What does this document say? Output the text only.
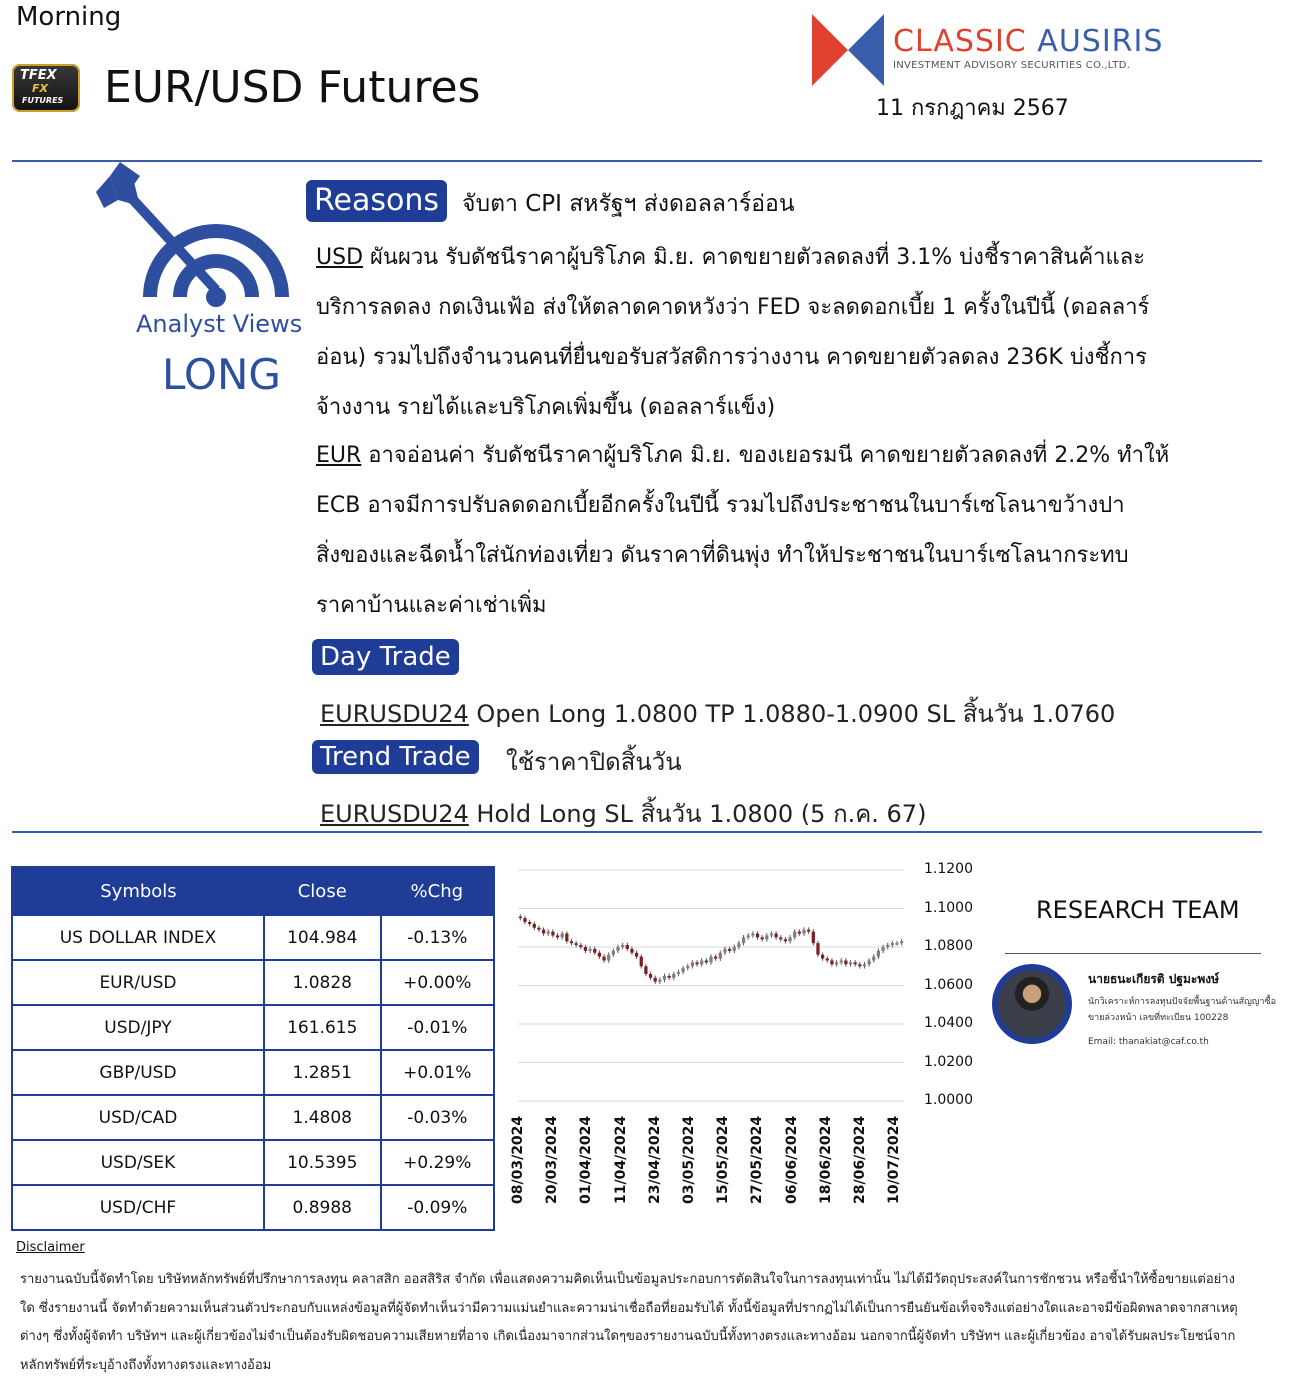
Morning
TFEX
FX
FUTURES EUR/USD Futures
CLASSIC AUSIRIS
INVESTMENT ADVISORY SECURITIES CO.,LTD.
11 กรกฎาคม 2567
Analyst Views
LONG
Reasons	จับตา CPI สหรัฐฯ ส่งดอลลาร์อ่อน
USD ผันผวน รับดัชนีราคาผู้บริโภค มิ.ย. คาดขยายตัวลดลงที่ 3.1% บ่งชี้ราคาสินค้าและบริการลดลง กดเงินเฟ้อ ส่งให้ตลาดคาดหวังว่า FED จะลดดอกเบี้ย 1 ครั้งในปีนี้ (ดอลลาร์อ่อน) รวมไปถึงจำนวนคนที่ยื่นขอรับสวัสดิการว่างงาน คาดขยายตัวลดลง 236K บ่งชี้การจ้างงาน รายได้และบริโภคเพิ่มขึ้น (ดอลลาร์แข็ง)
EUR อาจอ่อนค่า รับดัชนีราคาผู้บริโภค มิ.ย. ของเยอรมนี คาดขยายตัวลดลงที่ 2.2% ทำให้ ECB อาจมีการปรับลดดอกเบี้ยอีกครั้งในปีนี้ รวมไปถึงประชาชนในบาร์เซโลนาขว้างปาสิ่งของและฉีดน้ำใส่นักท่องเที่ยว ดันราคาที่ดินพุ่ง ทำให้ประชาชนในบาร์เซโลนากระทบราคาบ้านและค่าเช่าเพิ่ม
Day Trade
EURUSDU24 Open Long 1.0800 TP 1.0880-1.0900 SL สิ้นวัน 1.0760
Trend Trade	ใช้ราคาปิดสิ้นวัน
EURUSDU24 Hold Long SL สิ้นวัน 1.0800 (5 ก.ค. 67)
Symbols	Close	%Chg
US DOLLAR INDEX	104.984	-0.13%
EUR/USD	1.0828	+0.00%
USD/JPY	161.615	-0.01%
GBP/USD	1.2851	+0.01%
USD/CAD	1.4808	-0.03%
USD/SEK	10.5395	+0.29%
USD/CHF	0.8988	-0.09%
1.1200
1.1000
1.0800
1.0600
1.0400
1.0200
1.0000
08/03/2024 20/03/2024 01/04/2024 11/04/2024 23/04/2024 03/05/2024 15/05/2024 27/05/2024 06/06/2024 18/06/2024 28/06/2024 10/07/2024
RESEARCH TEAM
นายธนะเกียรติ ปฐมะพงษ์
นักวิเคราะห์การลงทุนปัจจัยพื้นฐานด้านสัญญาซื้อขายล่วงหน้า เลขที่ทะเบียน 100228
Email: thanakiat@caf.co.th
Disclaimer
รายงานฉบับนี้จัดทำโดย บริษัทหลักทรัพย์ที่ปรึกษาการลงทุน คลาสสิก ออสสิริส จำกัด เพื่อแสดงความคิดเห็นเป็นข้อมูลประกอบการตัดสินใจในการลงทุนเท่านั้น ไม่ได้มีวัตถุประสงค์ในการชักชวน หรือชี้นำให้ซื้อขายแต่อย่างใด ซึ่งรายงานนี้ จัดทำด้วยความเห็นส่วนตัวประกอบกับแหล่งข้อมูลที่ผู้จัดทำเห็นว่ามีความแม่นยำและความน่าเชื่อถือที่ยอมรับได้ ทั้งนี้ข้อมูลที่ปรากฏไม่ได้เป็นการยืนยันข้อเท็จจริงแต่อย่างใดและอาจมีข้อผิดพลาดจากสาเหตุต่างๆ ซึ่งทั้งผู้จัดทำ บริษัทฯ และผู้เกี่ยวข้องไม่จำเป็นต้องรับผิดชอบความเสียหายที่อาจ เกิดเนื่องมาจากส่วนใดๆของรายงานฉบับนี้ทั้งทางตรงและทางอ้อม นอกจากนี้ผู้จัดทำ บริษัทฯ และผู้เกี่ยวข้อง อาจได้รับผลประโยชน์จากหลักทรัพย์ที่ระบุอ้างถึงทั้งทางตรงและทางอ้อม
